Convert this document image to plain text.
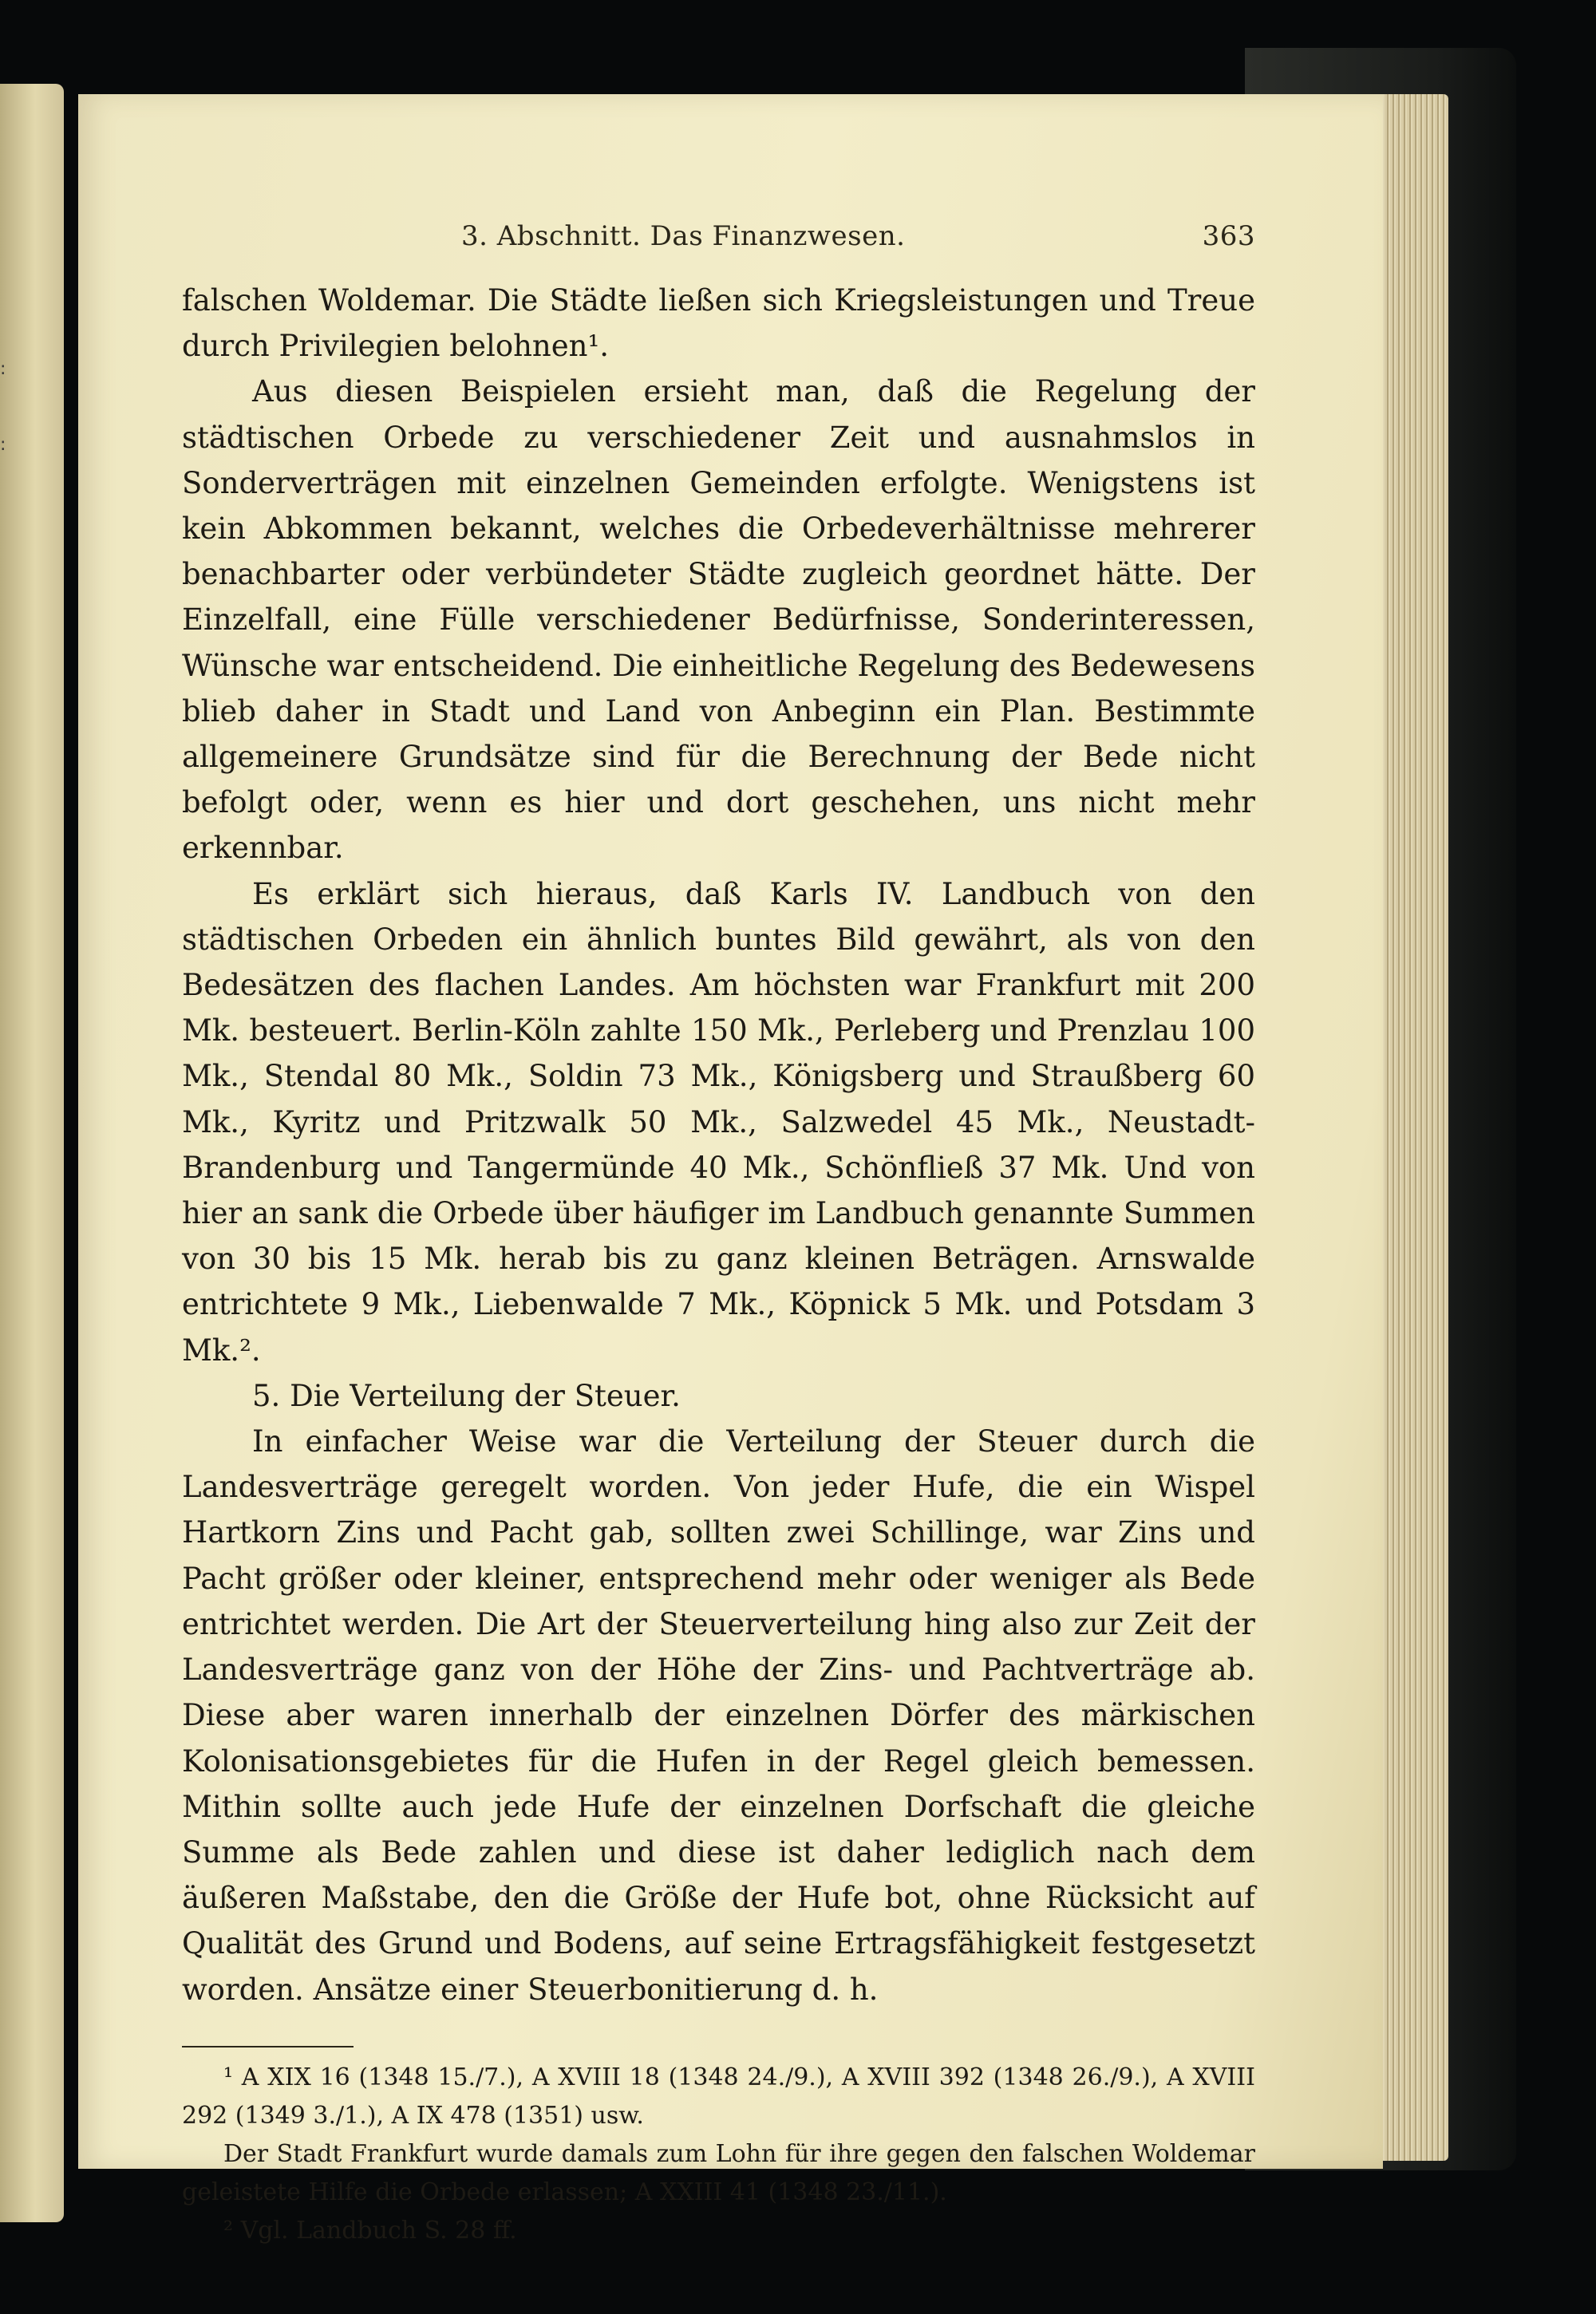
:
:
3. Abschnitt. Das Finanzwesen.	363

falschen Woldemar. Die Städte ließen sich Kriegsleistungen und Treue durch Privilegien belohnen¹.

Aus diesen Beispielen ersieht man, daß die Regelung der städtischen Orbede zu verschiedener Zeit und ausnahmslos in Sonderverträgen mit einzelnen Gemeinden erfolgte. Wenigstens ist kein Abkommen bekannt, welches die Orbedeverhältnisse mehrerer benachbarter oder verbündeter Städte zugleich geordnet hätte. Der Einzelfall, eine Fülle verschiedener Bedürfnisse, Sonderinteressen, Wünsche war entscheidend. Die einheitliche Regelung des Bedewesens blieb daher in Stadt und Land von Anbeginn ein Plan. Bestimmte allgemeinere Grundsätze sind für die Berechnung der Bede nicht befolgt oder, wenn es hier und dort geschehen, uns nicht mehr erkennbar.

Es erklärt sich hieraus, daß Karls IV. Landbuch von den städtischen Orbeden ein ähnlich buntes Bild gewährt, als von den Bedesätzen des flachen Landes. Am höchsten war Frankfurt mit 200 Mk. besteuert. Berlin-Köln zahlte 150 Mk., Perleberg und Prenzlau 100 Mk., Stendal 80 Mk., Soldin 73 Mk., Königsberg und Straußberg 60 Mk., Kyritz und Pritzwalk 50 Mk., Salzwedel 45 Mk., Neustadt-Brandenburg und Tangermünde 40 Mk., Schönfließ 37 Mk. Und von hier an sank die Orbede über häufiger im Landbuch genannte Summen von 30 bis 15 Mk. herab bis zu ganz kleinen Beträgen. Arnswalde entrichtete 9 Mk., Liebenwalde 7 Mk., Köpnick 5 Mk. und Potsdam 3 Mk.².

5. Die Verteilung der Steuer.

In einfacher Weise war die Verteilung der Steuer durch die Landesverträge geregelt worden. Von jeder Hufe, die ein Wispel Hartkorn Zins und Pacht gab, sollten zwei Schillinge, war Zins und Pacht größer oder kleiner, entsprechend mehr oder weniger als Bede entrichtet werden. Die Art der Steuerverteilung hing also zur Zeit der Landesverträge ganz von der Höhe der Zins- und Pachtverträge ab. Diese aber waren innerhalb der einzelnen Dörfer des märkischen Kolonisationsgebietes für die Hufen in der Regel gleich bemessen. Mithin sollte auch jede Hufe der einzelnen Dorfschaft die gleiche Summe als Bede zahlen und diese ist daher lediglich nach dem äußeren Maßstabe, den die Größe der Hufe bot, ohne Rücksicht auf Qualität des Grund und Bodens, auf seine Ertragsfähigkeit festgesetzt worden. Ansätze einer Steuerbonitierung d. h.

¹ A XIX 16 (1348 15./7.), A XVIII 18 (1348 24./9.), A XVIII 392 (1348 26./9.), A XVIII 292 (1349 3./1.), A IX 478 (1351) usw.

Der Stadt Frankfurt wurde damals zum Lohn für ihre gegen den falschen Woldemar geleistete Hilfe die Orbede erlassen; A XXIII 41 (1348 23./11.).

² Vgl. Landbuch S. 28 ff.
